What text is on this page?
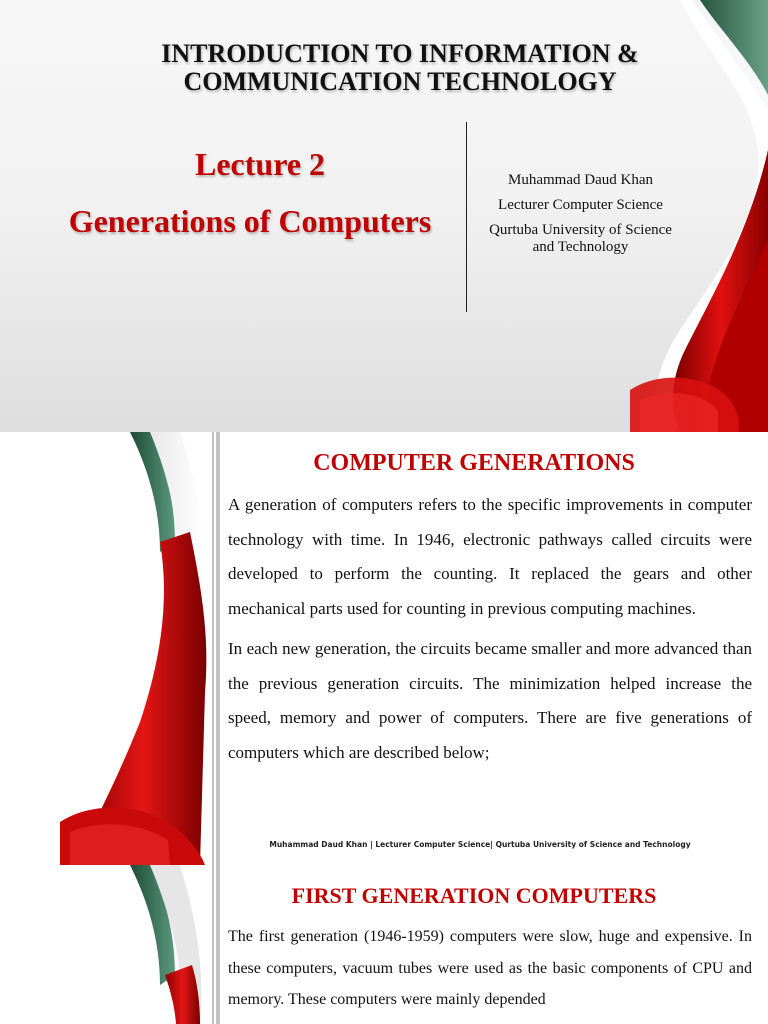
INTRODUCTION TO INFORMATION &
COMMUNICATION TECHNOLOGY
Lecture 2
Generations of Computers
Muhammad Daud Khan
Lecturer Computer Science
Qurtuba University of Science and Technology
COMPUTER GENERATIONS

A generation of computers refers to the specific improvements in computer technology with time. In 1946, electronic pathways called circuits were developed to perform the counting. It replaced the gears and other mechanical parts used for counting in previous computing machines.

In each new generation, the circuits became smaller and more advanced than the previous generation circuits. The minimization helped increase the speed, memory and power of computers. There are five generations of computers which are described below;

Muhammad Daud Khan | Lecturer Computer Science| Qurtuba University of Science and Technology
FIRST GENERATION COMPUTERS

The first generation (1946-1959) computers were slow, huge and expensive. In these computers, vacuum tubes were used as the basic components of CPU and memory. These computers were mainly depended
